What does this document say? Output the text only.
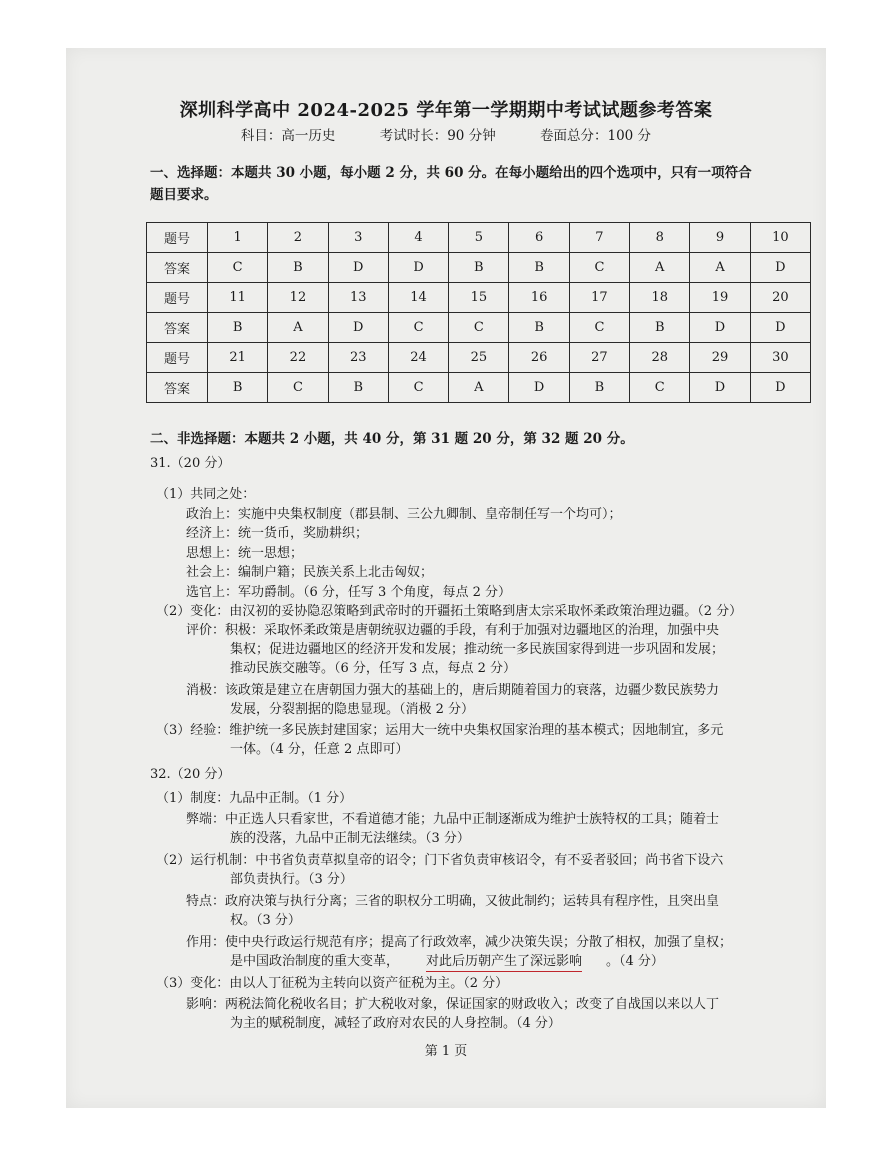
深圳科学高中 2024-2025 学年第一学期期中考试试题参考答案
科目：高一历史	考试时长：90 分钟	卷面总分：100 分
一、选择题：本题共 30 小题，每小题 2 分，共 60 分。在每小题给出的四个选项中，只有一项符合
题目要求。
题号	1	2	3	4	5	6	7	8	9	10
答案	C	B	D	D	B	B	C	A	A	D
题号	11	12	13	14	15	16	17	18	19	20
答案	B	A	D	C	C	B	C	B	D	D
题号	21	22	23	24	25	26	27	28	29	30
答案	B	C	B	C	A	D	B	C	D	D
二、非选择题：本题共 2 小题，共 40 分，第 31 题 20 分，第 32 题 20 分。
31.（20 分）
（1）共同之处：
政治上：实施中央集权制度（郡县制、三公九卿制、皇帝制任写一个均可）；
经济上：统一货币，奖励耕织；
思想上：统一思想；
社会上：编制户籍；民族关系上北击匈奴；
选官上：军功爵制。（6 分，任写 3 个角度，每点 2 分）
（2）变化：由汉初的妥协隐忍策略到武帝时的开疆拓土策略到唐太宗采取怀柔政策治理边疆。（2 分）
评价：积极：采取怀柔政策是唐朝统驭边疆的手段，有利于加强对边疆地区的治理，加强中央
集权；促进边疆地区的经济开发和发展；推动统一多民族国家得到进一步巩固和发展；
推动民族交融等。（6 分，任写 3 点，每点 2 分）
消极：该政策是建立在唐朝国力强大的基础上的，唐后期随着国力的衰落，边疆少数民族势力
发展，分裂割据的隐患显现。（消极 2 分）
（3）经验：维护统一多民族封建国家；运用大一统中央集权国家治理的基本模式；因地制宜，多元
一体。（4 分，任意 2 点即可）
32.（20 分）
（1）制度：九品中正制。（1 分）
弊端：中正选人只看家世，不看道德才能；九品中正制逐渐成为维护士族特权的工具；随着士
族的没落，九品中正制无法继续。（3 分）
（2）运行机制：中书省负责草拟皇帝的诏令；门下省负责审核诏令，有不妥者驳回；尚书省下设六
部负责执行。（3 分）
特点：政府决策与执行分离；三省的职权分工明确，又彼此制约；运转具有程序性，且突出皇
权。（3 分）
作用：使中央行政运行规范有序；提高了行政效率，减少决策失误；分散了相权，加强了皇权；
是中国政治制度的重大变革， 对此后历朝产生了深远影响 。（4 分）
（3）变化：由以人丁征税为主转向以资产征税为主。（2 分）
影响：两税法简化税收名目；扩大税收对象，保证国家的财政收入；改变了自战国以来以人丁
为主的赋税制度，减轻了政府对农民的人身控制。（4 分）
第 1 页
